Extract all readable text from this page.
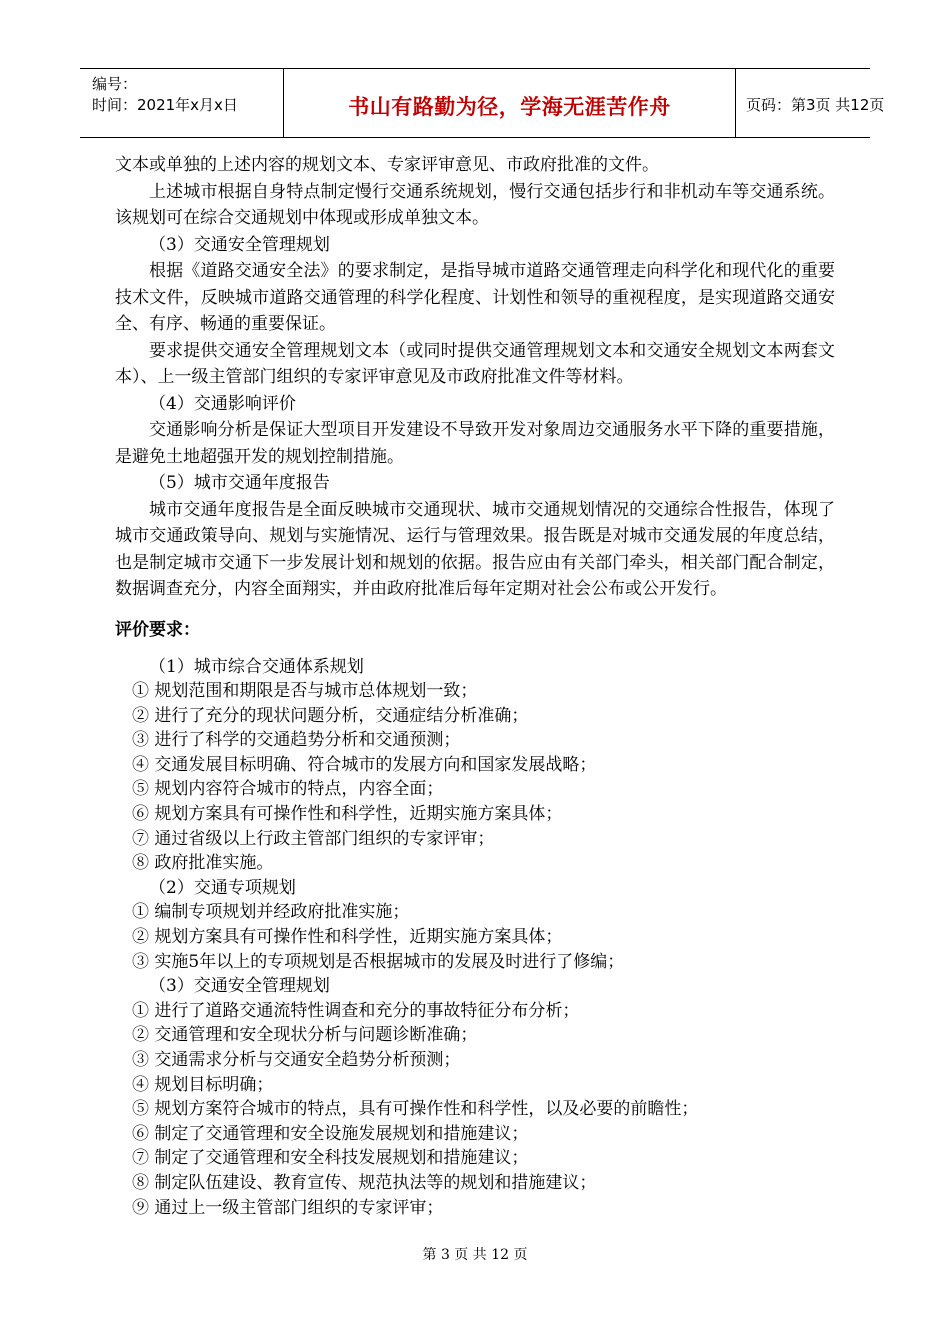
编号：
时间：2021年x月x日	书山有路勤为径，学海无涯苦作舟	页码：第3页 共12页

文本或单独的上述内容的规划文本、专家评审意见、市政府批准的文件。

上述城市根据自身特点制定慢行交通系统规划，慢行交通包括步行和非机动车等交通系统。该规划可在综合交通规划中体现或形成单独文本。

（3）交通安全管理规划

根据《道路交通安全法》的要求制定，是指导城市道路交通管理走向科学化和现代化的重要技术文件，反映城市道路交通管理的科学化程度、计划性和领导的重视程度，是实现道路交通安全、有序、畅通的重要保证。

要求提供交通安全管理规划文本（或同时提供交通管理规划文本和交通安全规划文本两套文本）、上一级主管部门组织的专家评审意见及市政府批准文件等材料。

（4）交通影响评价

交通影响分析是保证大型项目开发建设不导致开发对象周边交通服务水平下降的重要措施，是避免土地超强开发的规划控制措施。

（5）城市交通年度报告

城市交通年度报告是全面反映城市交通现状、城市交通规划情况的交通综合性报告，体现了城市交通政策导向、规划与实施情况、运行与管理效果。报告既是对城市交通发展的年度总结，也是制定城市交通下一步发展计划和规划的依据。报告应由有关部门牵头，相关部门配合制定，数据调查充分，内容全面翔实，并由政府批准后每年定期对社会公布或公开发行。

评价要求：

（1）城市综合交通体系规划

① 规划范围和期限是否与城市总体规划一致；

② 进行了充分的现状问题分析，交通症结分析准确；

③ 进行了科学的交通趋势分析和交通预测；

④ 交通发展目标明确、符合城市的发展方向和国家发展战略；

⑤ 规划内容符合城市的特点，内容全面；

⑥ 规划方案具有可操作性和科学性，近期实施方案具体；

⑦ 通过省级以上行政主管部门组织的专家评审；

⑧ 政府批准实施。

（2）交通专项规划

① 编制专项规划并经政府批准实施；

② 规划方案具有可操作性和科学性，近期实施方案具体；

③ 实施5年以上的专项规划是否根据城市的发展及时进行了修编；

（3）交通安全管理规划

① 进行了道路交通流特性调查和充分的事故特征分布分析；

② 交通管理和安全现状分析与问题诊断准确；

③ 交通需求分析与交通安全趋势分析预测；

④ 规划目标明确；

⑤ 规划方案符合城市的特点，具有可操作性和科学性，以及必要的前瞻性；

⑥ 制定了交通管理和安全设施发展规划和措施建议；

⑦ 制定了交通管理和安全科技发展规划和措施建议；

⑧ 制定队伍建设、教育宣传、规范执法等的规划和措施建议；

⑨ 通过上一级主管部门组织的专家评审；

第 3 页 共 12 页
